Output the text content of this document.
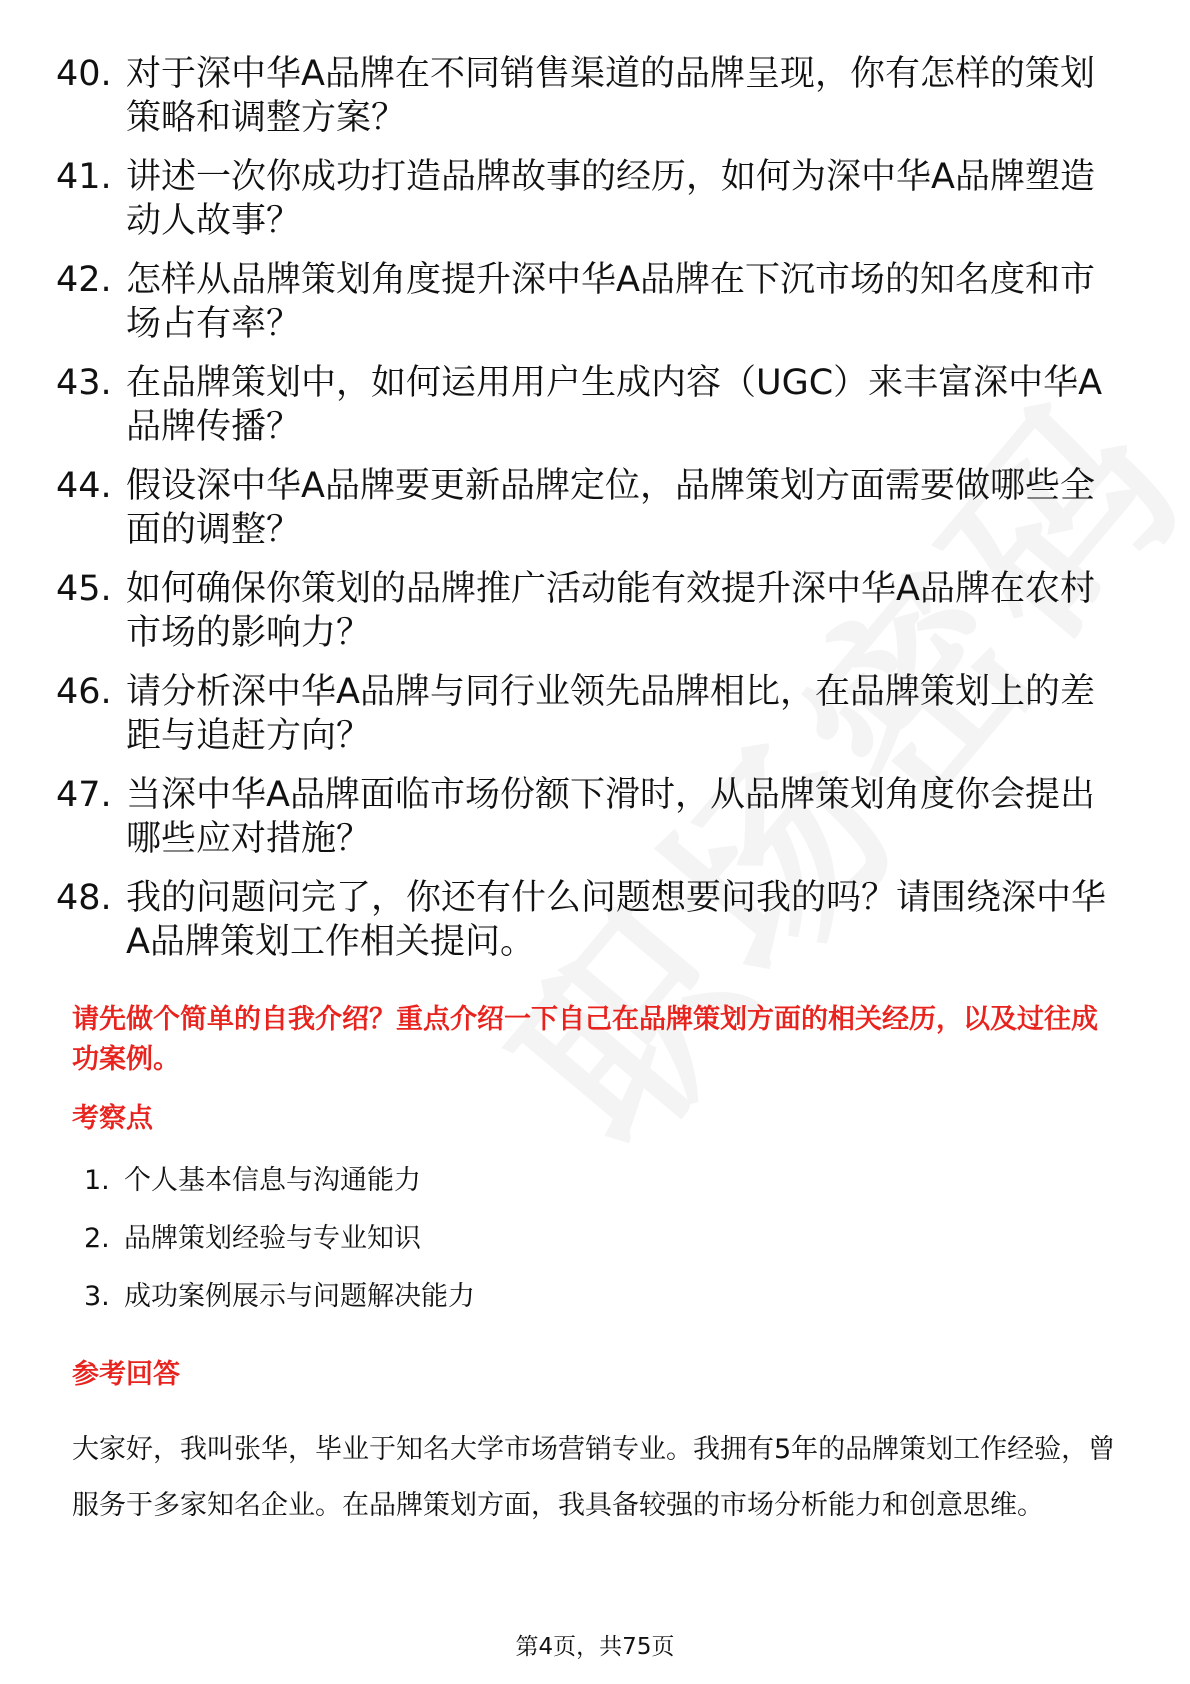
40. 对于深中华A品牌在不同销售渠道的品牌呈现，你有怎样的策划策略和调整方案？
41. 讲述一次你成功打造品牌故事的经历，如何为深中华A品牌塑造动人故事？
42. 怎样从品牌策划角度提升深中华A品牌在下沉市场的知名度和市场占有率？
43. 在品牌策划中，如何运用用户生成内容（UGC）来丰富深中华A品牌传播？
44. 假设深中华A品牌要更新品牌定位，品牌策划方面需要做哪些全面的调整？
45. 如何确保你策划的品牌推广活动能有效提升深中华A品牌在农村市场的影响力？
46. 请分析深中华A品牌与同行业领先品牌相比，在品牌策划上的差距与追赶方向？
47. 当深中华A品牌面临市场份额下滑时，从品牌策划角度你会提出哪些应对措施？
48. 我的问题问完了，你还有什么问题想要问我的吗？请围绕深中华A品牌策划工作相关提问。
请先做个简单的自我介绍？重点介绍一下自己在品牌策划方面的相关经历，以及过往成功案例。
考察点
1. 个人基本信息与沟通能力
2. 品牌策划经验与专业知识
3. 成功案例展示与问题解决能力
参考回答
大家好，我叫张华，毕业于知名大学市场营销专业。我拥有5年的品牌策划工作经验，曾服务于多家知名企业。在品牌策划方面，我具备较强的市场分析能力和创意思维。
第4页，共75页
